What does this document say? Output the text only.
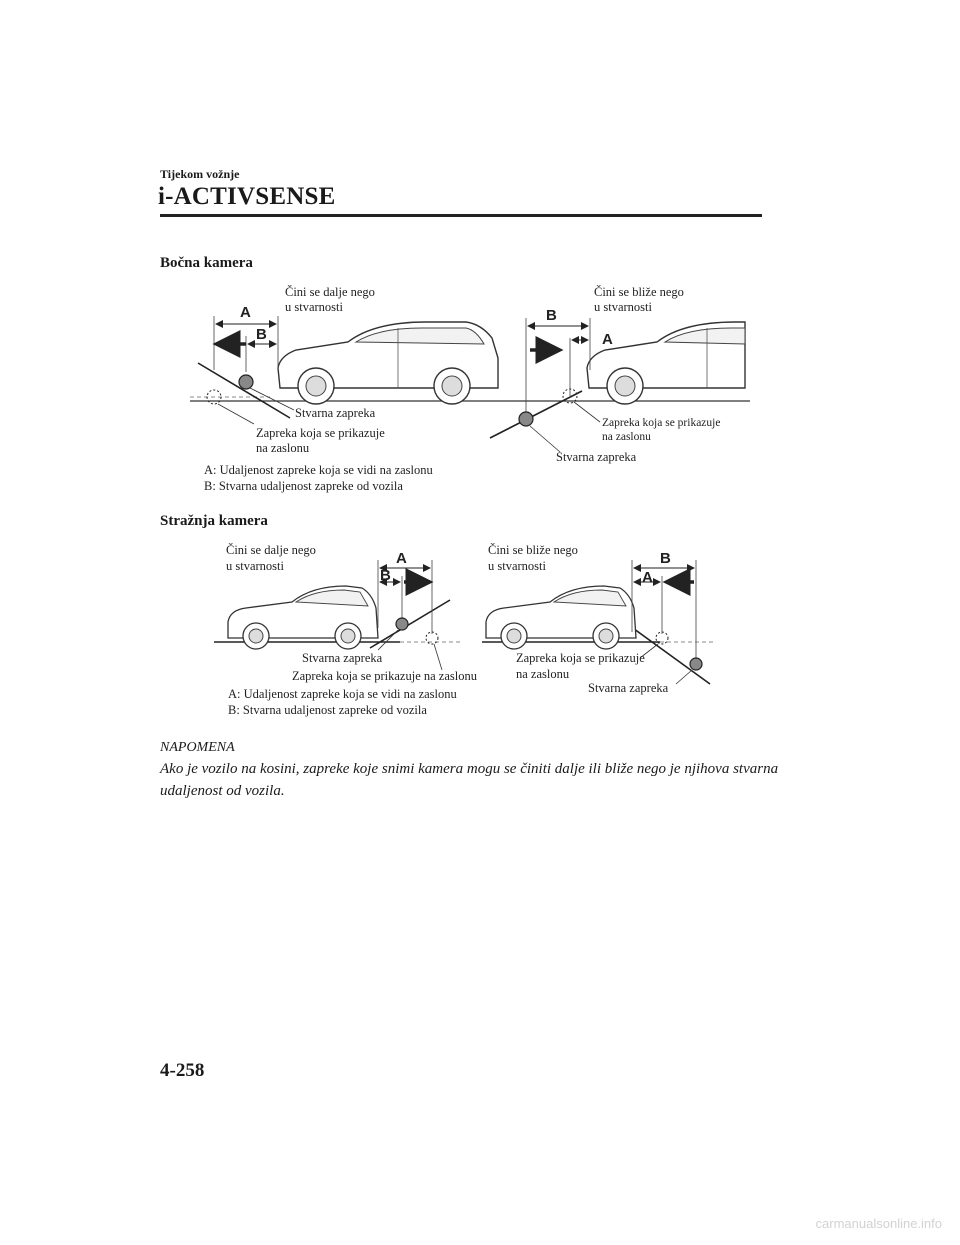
Tijekom vožnje
i-ACTIVSENSE
Bočna kamera
A
B
Čini se dalje nego
u stvarnosti
Stvarna zapreka
Zapreka koja se prikazuje
na zaslonu
B
A
Čini se bliže nego
u stvarnosti
Zapreka koja se prikazuje
na zaslonu
Stvarna zapreka
A: Udaljenost zapreke koja se vidi na zaslonu
B: Stvarna udaljenost zapreke od vozila
Stražnja kamera
A
B
Čini se dalje nego
u stvarnosti
Stvarna zapreka
Zapreka koja se prikazuje na zaslonu
B
A
Čini se bliže nego
u stvarnosti
Zapreka koja se prikazuje
na zaslonu
Stvarna zapreka
A: Udaljenost zapreke koja se vidi na zaslonu
B: Stvarna udaljenost zapreke od vozila
NAPOMENA
Ako je vozilo na kosini, zapreke koje snimi kamera mogu se činiti dalje ili bliže nego je njihova stvarna udaljenost od vozila.
4-258
carmanualsonline.info
